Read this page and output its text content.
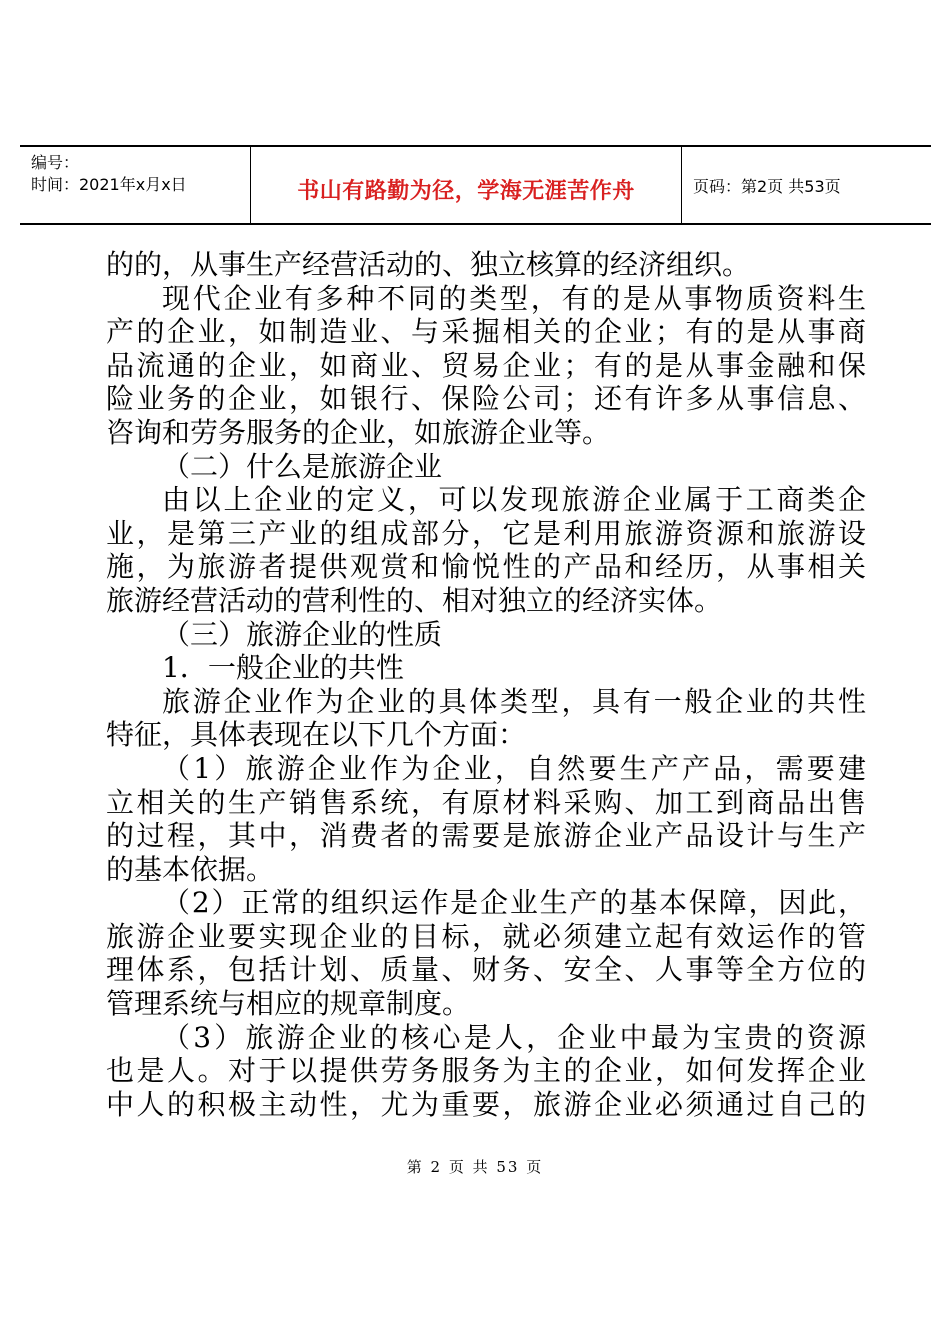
编号：
时间：2021年x月x日	书山有路勤为径，学海无涯苦作舟	页码：第2页 共53页
的的，从事生产经营活动的、独立核算的经济组织。
现代企业有多种不同的类型，有的是从事物质资料生
产的企业，如制造业、与采掘相关的企业；有的是从事商
品流通的企业，如商业、贸易企业；有的是从事金融和保
险业务的企业，如银行、保险公司；还有许多从事信息、
咨询和劳务服务的企业，如旅游企业等。
（二）什么是旅游企业
由以上企业的定义，可以发现旅游企业属于工商类企
业，是第三产业的组成部分，它是利用旅游资源和旅游设
施，为旅游者提供观赏和愉悦性的产品和经历，从事相关
旅游经营活动的营利性的、相对独立的经济实体。
（三）旅游企业的性质
1．一般企业的共性
旅游企业作为企业的具体类型，具有一般企业的共性
特征，具体表现在以下几个方面：
（1）旅游企业作为企业，自然要生产产品，需要建
立相关的生产销售系统，有原材料采购、加工到商品出售
的过程，其中，消费者的需要是旅游企业产品设计与生产
的基本依据。
（2）正常的组织运作是企业生产的基本保障，因此，
旅游企业要实现企业的目标，就必须建立起有效运作的管
理体系，包括计划、质量、财务、安全、人事等全方位的
管理系统与相应的规章制度。
（3）旅游企业的核心是人，企业中最为宝贵的资源
也是人。对于以提供劳务服务为主的企业，如何发挥企业
中人的积极主动性，尤为重要，旅游企业必须通过自己的
第 2 页 共 53 页
